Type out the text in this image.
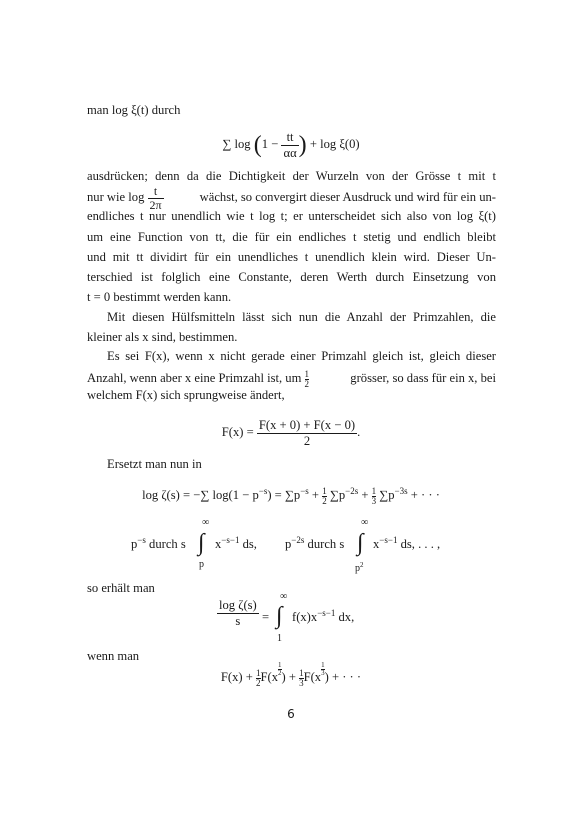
man log ξ(t) durch
∑ $\log (1 - \frac{tt}{\alpha\alpha}$ ) + log ξ(0)
ausdrücken; denn da die Dichtigkeit der Wurzeln von der Grösse t mit t
nur wie $\log \frac{t}{2\pi}$	wächst, so convergirt dieser Ausdruck und wird für ein un-
endliches t nur unendlich wie t log t; er unterscheidet sich also von log ξ(t)
um eine Function von tt, die für ein endliches t stetig und endlich bleibt
und mit tt dividirt für ein unendliches t unendlich klein wird. Dieser Un-
terschied ist folglich eine Constante, deren Werth durch Einsetzung von
t = 0 bestimmt werden kann.
Mit diesen Hülfsmitteln lässt sich nun die Anzahl der Primzahlen, die
kleiner als x sind, bestimmen.
Es sei F(x), wenn x nicht gerade einer Primzahl gleich ist, gleich dieser
Anzahl, wenn aber x eine Primzahl ist, um $\frac{1}{2}$	grösser, so dass für ein x, bei
welchem F(x) sich sprungweise ändert,
$F(x) = \frac{F(x + 0) + F(x - 0)}{2}$ .
Ersetzt man nun in
log ζ(s) = −∑ $\log(1 - p^{-s}) = \sum p^{-s} + \frac{1}{2} \sum p^{-2s} + \frac{1}{3} \sum p^{-3s}$ + · · ·
$p^{-s}$ durch s
∞
∫
p
$x^{-s-1}$ ds, $p^{-2s}$ durch s
∞
∫
$p^2$
$x^{-s-1}$ ds, . . . ,
so erhält man
$\frac{\text{log ζ(s)}}{s}$ =
∞
∫
1
$f(x)x^{-s-1}$ dx,
wenn man
$F(x) + \frac{1}{2} F(x \frac{1}{2}$ ) + $\frac{1}{3} F(x \frac{1}{3}$ ) + · · ·
6
